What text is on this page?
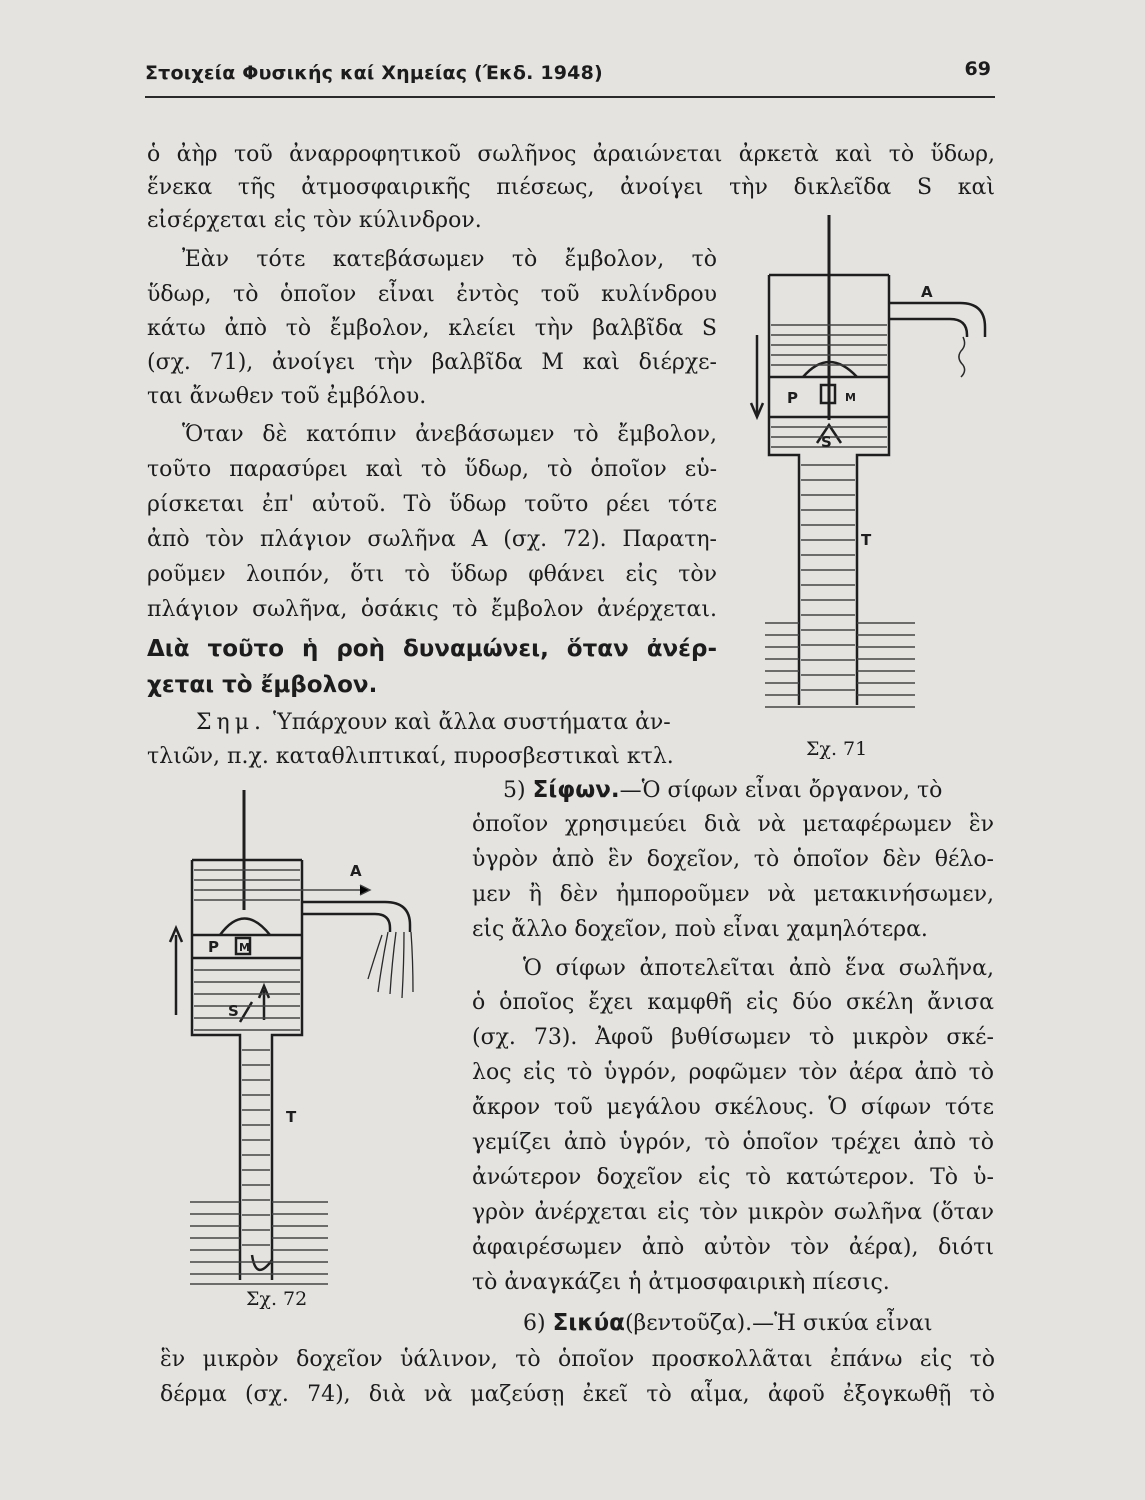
Στοιχεία Φυσικής καί Χημείας (Έκδ. 1948)	69
ὁ ἀὴρ τοῦ ἀναρροφητικοῦ σωλῆνος ἀραιώνεται ἀρκετὰ καὶ τὸ ὕδωρ,
ἕνεκα τῆς ἀτμοσφαιρικῆς πιέσεως, ἀνοίγει τὴν δικλεῖδα S καὶ
εἰσέρχεται εἰς τὸν κύλινδρον.
Ἐὰν τότε κατεβάσωμεν τὸ ἔμβολον, τὸ
ὕδωρ, τὸ ὁποῖον εἶναι ἐντὸς τοῦ κυλίνδρου
κάτω ἀπὸ τὸ ἔμβολον, κλείει τὴν βαλβῖδα S
(σχ. 71), ἀνοίγει τὴν βαλβῖδα Μ καὶ διέρχε-
ται ἄνωθεν τοῦ ἐμβόλου.
Ὅταν δὲ κατόπιν ἀνεβάσωμεν τὸ ἔμβολον,
τοῦτο παρασύρει καὶ τὸ ὕδωρ, τὸ ὁποῖον εὑ-
ρίσκεται ἐπ' αὐτοῦ. Τὸ ὕδωρ τοῦτο ρέει τότε
ἀπὸ τὸν πλάγιον σωλῆνα Α (σχ. 72). Παρατη-
ροῦμεν λοιπόν, ὅτι τὸ ὕδωρ φθάνει εἰς τὸν
πλάγιον σωλῆνα, ὁσάκις τὸ ἔμβολον ἀνέρχεται.
Διὰ τοῦτο ἡ ροὴ δυναμώνει, ὅταν ἀνέρ-
χεται τὸ ἔμβολον.
Σημ. Ὑπάρχουν καὶ ἄλλα συστήματα ἀν-
τλιῶν, π.χ. καταθλιπτικαί, πυροσβεστικαὶ κτλ.
5) Σίφων.—Ὁ σίφων εἶναι ὄργανον, τὸ
ὁποῖον χρησιμεύει διὰ νὰ μεταφέρωμεν ἓν
ὑγρὸν ἀπὸ ἓν δοχεῖον, τὸ ὁποῖον δὲν θέλο-
μεν ἢ δὲν ἠμποροῦμεν νὰ μετακινήσωμεν,
εἰς ἄλλο δοχεῖον, ποὺ εἶναι χαμηλότερα.
Ὁ σίφων ἀποτελεῖται ἀπὸ ἕνα σωλῆνα,
ὁ ὁποῖος ἔχει καμφθῆ εἰς δύο σκέλη ἄνισα
(σχ. 73). Ἀφοῦ βυθίσωμεν τὸ μικρὸν σκέ-
λος εἰς τὸ ὑγρόν, ροφῶμεν τὸν ἀέρα ἀπὸ τὸ
ἄκρον τοῦ μεγάλου σκέλους. Ὁ σίφων τότε
γεμίζει ἀπὸ ὑγρόν, τὸ ὁποῖον τρέχει ἀπὸ τὸ
ἀνώτερον δοχεῖον εἰς τὸ κατώτερον. Τὸ ὑ-
γρὸν ἀνέρχεται εἰς τὸν μικρὸν σωλῆνα (ὅταν
ἀφαιρέσωμεν ἀπὸ αὐτὸν τὸν ἀέρα), διότι
τὸ ἀναγκάζει ἡ ἀτμοσφαιρικὴ πίεσις.
6) Σικύα(βεντοῦζα).—Ἡ σικύα εἶναι
ἓν μικρὸν δοχεῖον ὑάλινον, τὸ ὁποῖον προσκολλᾶται ἐπάνω εἰς τὸ
δέρμα (σχ. 74), διὰ νὰ μαζεύσῃ ἐκεῖ τὸ αἷμα, ἀφοῦ ἐξογκωθῇ τὸ
A
P	M
S
T
Σχ. 71
A
P M
S
T
Σχ. 72
